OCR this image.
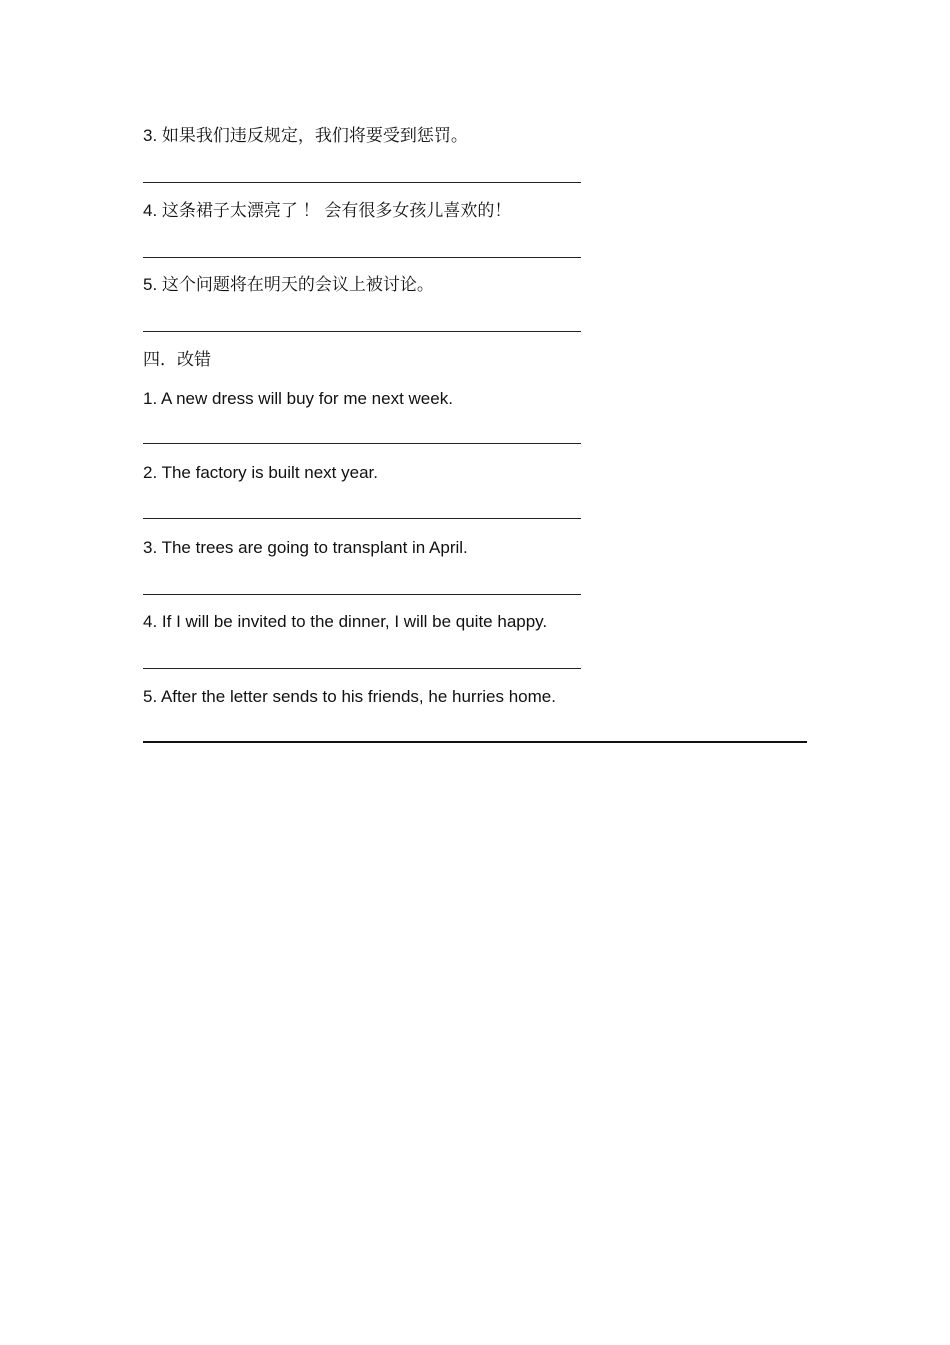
3. 如果我们违反规定，我们将要受到惩罚。
4. 这条裙子太漂亮了 ！ 会有很多女孩儿喜欢的！
5. 这个问题将在明天的会议上被讨论。
四．改错
1. A new dress will buy for me next week.
2. The factory is built next year.
3. The trees are going to transplant in April.
4. If I will be invited to the dinner, I will be quite happy.
5. After the letter sends to his friends, he hurries home.
